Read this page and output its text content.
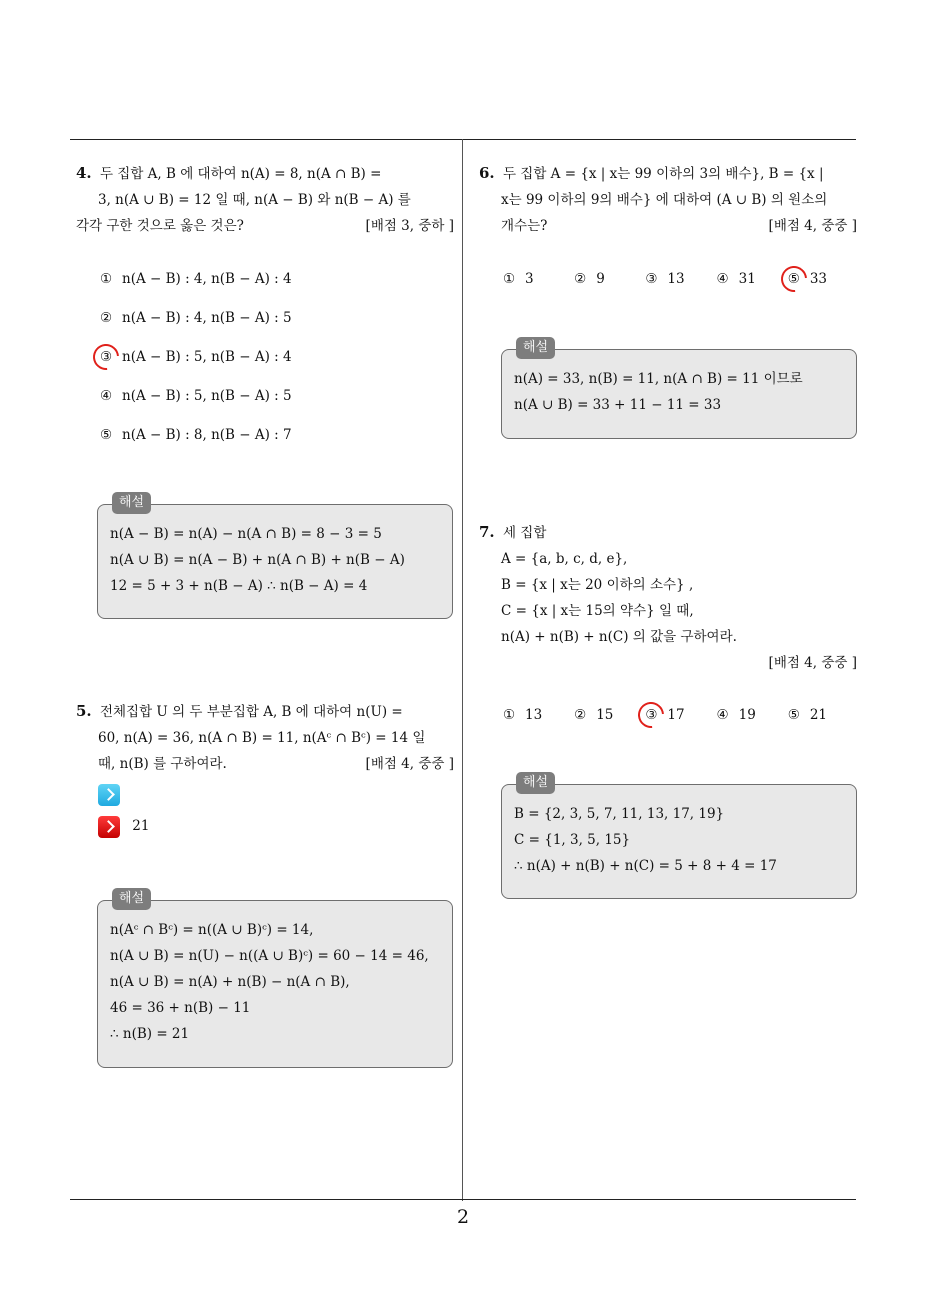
4. 두 집합 A, B 에 대하여 n(A) = 8, n(A ∩ B) =
3, n(A ∪ B) = 12 일 때, n(A − B) 와 n(B − A) 를
각각 구한 것으로 옳은 것은?	[배점 3, 중하 ]
① n(A − B) : 4, n(B − A) : 4
② n(A − B) : 4, n(B − A) : 5
③ n(A − B) : 5, n(B − A) : 4
④ n(A − B) : 5, n(B − A) : 5
⑤ n(A − B) : 8, n(B − A) : 7
해설
n(A − B) = n(A) − n(A ∩ B) = 8 − 3 = 5
n(A ∪ B) = n(A − B) + n(A ∩ B) + n(B − A)
12 = 5 + 3 + n(B − A) ∴ n(B − A) = 4
5. 전체집합 U 의 두 부분집합 A, B 에 대하여 n(U) =
60, n(A) = 36, n(A ∩ B) = 11, n(Aᶜ ∩ Bᶜ) = 14 일
때, n(B) 를 구하여라.	[배점 4, 중중 ]
21
해설
n(Aᶜ ∩ Bᶜ) = n((A ∪ B)ᶜ) = 14,
n(A ∪ B) = n(U) − n((A ∪ B)ᶜ) = 60 − 14 = 46,
n(A ∪ B) = n(A) + n(B) − n(A ∩ B),
46 = 36 + n(B) − 11
∴ n(B) = 21
6. 두 집합 A = {x | x는 99 이하의 3의 배수}, B = {x |
x는 99 이하의 9의 배수} 에 대하여 (A ∪ B) 의 원소의
개수는?	[배점 4, 중중 ]
① 3	② 9	③ 13	④ 31	⑤ 33
해설
n(A) = 33, n(B) = 11, n(A ∩ B) = 11 이므로
n(A ∪ B) = 33 + 11 − 11 = 33
7. 세 집합
A = {a, b, c, d, e},
B = {x | x는 20 이하의 소수} ,
C = {x | x는 15의 약수} 일 때,
n(A) + n(B) + n(C) 의 값을 구하여라.
[배점 4, 중중 ]
① 13	② 15	③ 17	④ 19	⑤ 21
해설
B = {2, 3, 5, 7, 11, 13, 17, 19}
C = {1, 3, 5, 15}
∴ n(A) + n(B) + n(C) = 5 + 8 + 4 = 17
2
